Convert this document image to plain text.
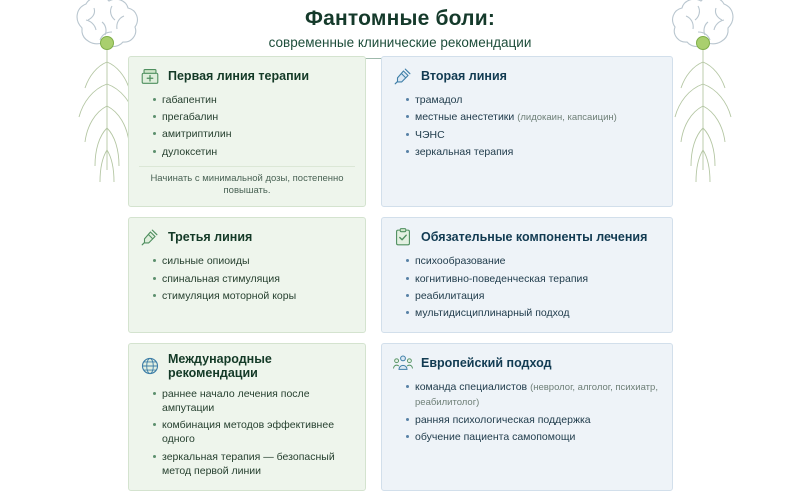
Фантомные боли:
современные клинические рекомендации
Первая линия терапии
габапентин
прегабалин
амитриптилин
дулоксетин
Начинать с минимальной дозы, постепенно повышать.
Вторая линия
трамадол
местные анестетики (лидокаин, капсаицин)
ЧЭНС
зеркальная терапия
Третья линия
сильные опиоиды
спинальная стимуляция
стимуляция моторной коры
Обязательные компоненты лечения
психообразование
когнитивно-поведенческая терапия
реабилитация
мультидисциплинарный подход
Международные рекомендации
раннее начало лечения после ампутации
комбинация методов эффективнее одного
зеркальная терапия — безопасный метод первой линии
Европейский подход
команда специалистов (невролог, алголог, психиатр, реабилитолог)
ранняя психологическая поддержка
обучение пациента самопомощи
